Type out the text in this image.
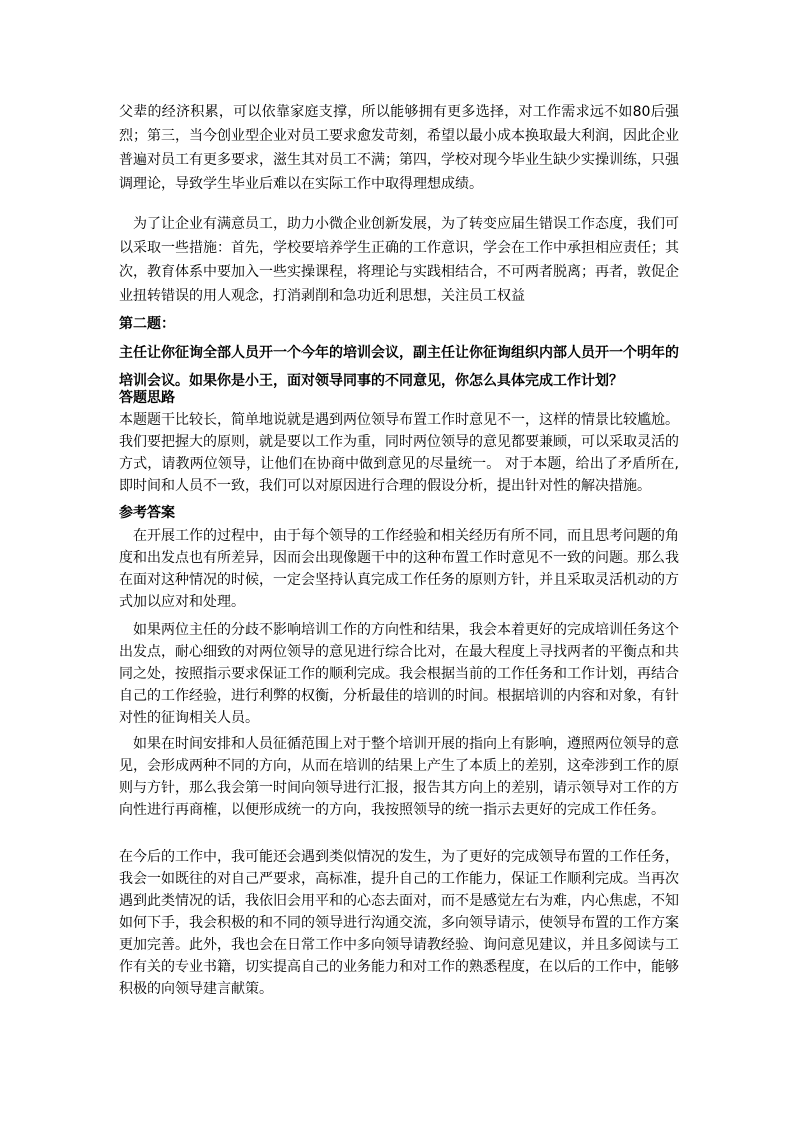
父辈的经济积累，可以依靠家庭支撑，所以能够拥有更多选择，对工作需求远不如80后强烈；第三，当今创业型企业对员工要求愈发苛刻，希望以最小成本换取最大利润，因此企业普遍对员工有更多要求，滋生其对员工不满；第四，学校对现今毕业生缺少实操训练，只强调理论，导致学生毕业后难以在实际工作中取得理想成绩。

为了让企业有满意员工，助力小微企业创新发展，为了转变应届生错误工作态度，我们可以采取一些措施：首先，学校要培养学生正确的工作意识，学会在工作中承担相应责任；其次，教育体系中要加入一些实操课程，将理论与实践相结合，不可两者脱离；再者，敦促企业扭转错误的用人观念，打消剥削和急功近利思想，关注员工权益

第二题：

主任让你征询全部人员开一个今年的培训会议，副主任让你征询组织内部人员开一个明年的培训会议。如果你是小王，面对领导同事的不同意见，你怎么具体完成工作计划？

答题思路

本题题干比较长，简单地说就是遇到两位领导布置工作时意见不一，这样的情景比较尴尬。我们要把握大的原则，就是要以工作为重，同时两位领导的意见都要兼顾，可以采取灵活的方式，请教两位领导，让他们在协商中做到意见的尽量统一。 对于本题，给出了矛盾所在,即时间和人员不一致，我们可以对原因进行合理的假设分析，提出针对性的解决措施。

参考答案

在开展工作的过程中，由于每个领导的工作经验和相关经历有所不同，而且思考问题的角度和出发点也有所差异，因而会出现像题干中的这种布置工作时意见不一致的问题。那么我在面对这种情况的时候，一定会坚持认真完成工作任务的原则方针，并且采取灵活机动的方式加以应对和处理。

如果两位主任的分歧不影响培训工作的方向性和结果，我会本着更好的完成培训任务这个出发点，耐心细致的对两位领导的意见进行综合比对，在最大程度上寻找两者的平衡点和共同之处，按照指示要求保证工作的顺利完成。我会根据当前的工作任务和工作计划，再结合自己的工作经验，进行利弊的权衡，分析最佳的培训的时间。根据培训的内容和对象，有针对性的征询相关人员。

如果在时间安排和人员征循范围上对于整个培训开展的指向上有影响，遵照两位领导的意见，会形成两种不同的方向，从而在培训的结果上产生了本质上的差别，这牵涉到工作的原则与方针，那么我会第一时间向领导进行汇报，报告其方向上的差别，请示领导对工作的方向性进行再商榷，以便形成统一的方向，我按照领导的统一指示去更好的完成工作任务。

在今后的工作中，我可能还会遇到类似情况的发生，为了更好的完成领导布置的工作任务，我会一如既往的对自己严要求，高标准，提升自己的工作能力，保证工作顺利完成。当再次遇到此类情况的话，我依旧会用平和的心态去面对，而不是感觉左右为难，内心焦虑，不知如何下手，我会积极的和不同的领导进行沟通交流，多向领导请示，使领导布置的工作方案更加完善。此外，我也会在日常工作中多向领导请教经验、询问意见建议，并且多阅读与工作有关的专业书籍，切实提高自己的业务能力和对工作的熟悉程度，在以后的工作中，能够积极的向领导建言献策。
